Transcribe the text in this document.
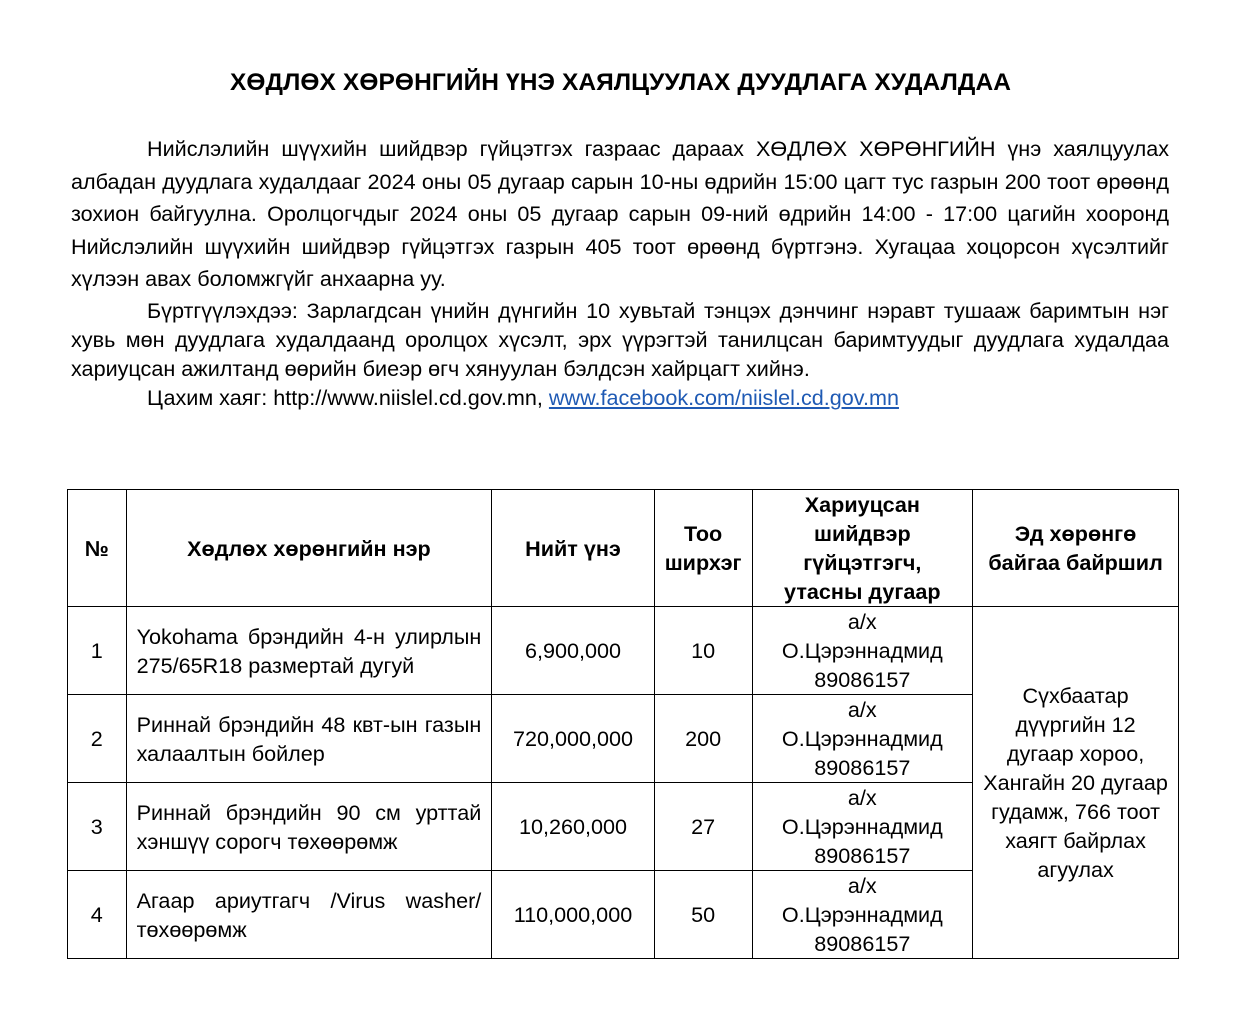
ХӨДЛӨХ ХӨРӨНГИЙН ҮНЭ ХАЯЛЦУУЛАХ ДУУДЛАГА ХУДАЛДАА

Нийслэлийн шүүхийн шийдвэр гүйцэтгэх газраас дараах ХӨДЛӨХ ХӨРӨНГИЙН үнэ хаялцуулах албадан дуудлага худалдааг 2024 оны 05 дугаар сарын 10-ны өдрийн 15:00 цагт тус газрын 200 тоот өрөөнд зохион байгуулна. Оролцогчдыг 2024 оны 05 дугаар сарын 09-ний өдрийн 14:00 - 17:00 цагийн хооронд Нийслэлийн шүүхийн шийдвэр гүйцэтгэх газрын 405 тоот өрөөнд бүртгэнэ. Хугацаа хоцорсон хүсэлтийг хүлээн авах боломжгүйг анхаарна уу.

Бүртгүүлэхдээ: Зарлагдсан үнийн дүнгийн 10 хувьтай тэнцэх дэнчинг нэравт тушааж баримтын нэг хувь мөн дуудлага худалдаанд оролцох хүсэлт, эрх үүрэгтэй танилцсан баримтуудыг дуудлага худалдаа хариуцсан ажилтанд өөрийн биеэр өгч хянуулан бэлдсэн хайрцагт хийнэ.

Цахим хаяг: http://www.niislel.cd.gov.mn, www.facebook.com/niislel.cd.gov.mn

№	Хөдлөх хөрөнгийн нэр	Нийт үнэ	Тоо ширхэг	Хариуцсан шийдвэр гүйцэтгэгч, утасны дугаар	Эд хөрөнгө байгаа байршил
1	Yokohama брэндийн 4-н улирлын 275/65R18 размертай дугуй	6,900,000	10	а/х
О.Цэрэннадмид
89086157	Сүхбаатар дүүргийн 12 дугаар хороо, Хангайн 20 дугаар гудамж, 766 тоот хаягт байрлах агуулах
2	Риннай брэндийн 48 квт-ын газын халаалтын бойлер	720,000,000	200	а/х
О.Цэрэннадмид
89086157	
3	Риннай брэндийн 90 см урттай хэншүү сорогч төхөөрөмж	10,260,000	27	а/х
О.Цэрэннадмид
89086157	
4	Агаар ариутгагч /Virus washer/ төхөөрөмж	110,000,000	50	а/х
О.Цэрэннадмид
89086157	
